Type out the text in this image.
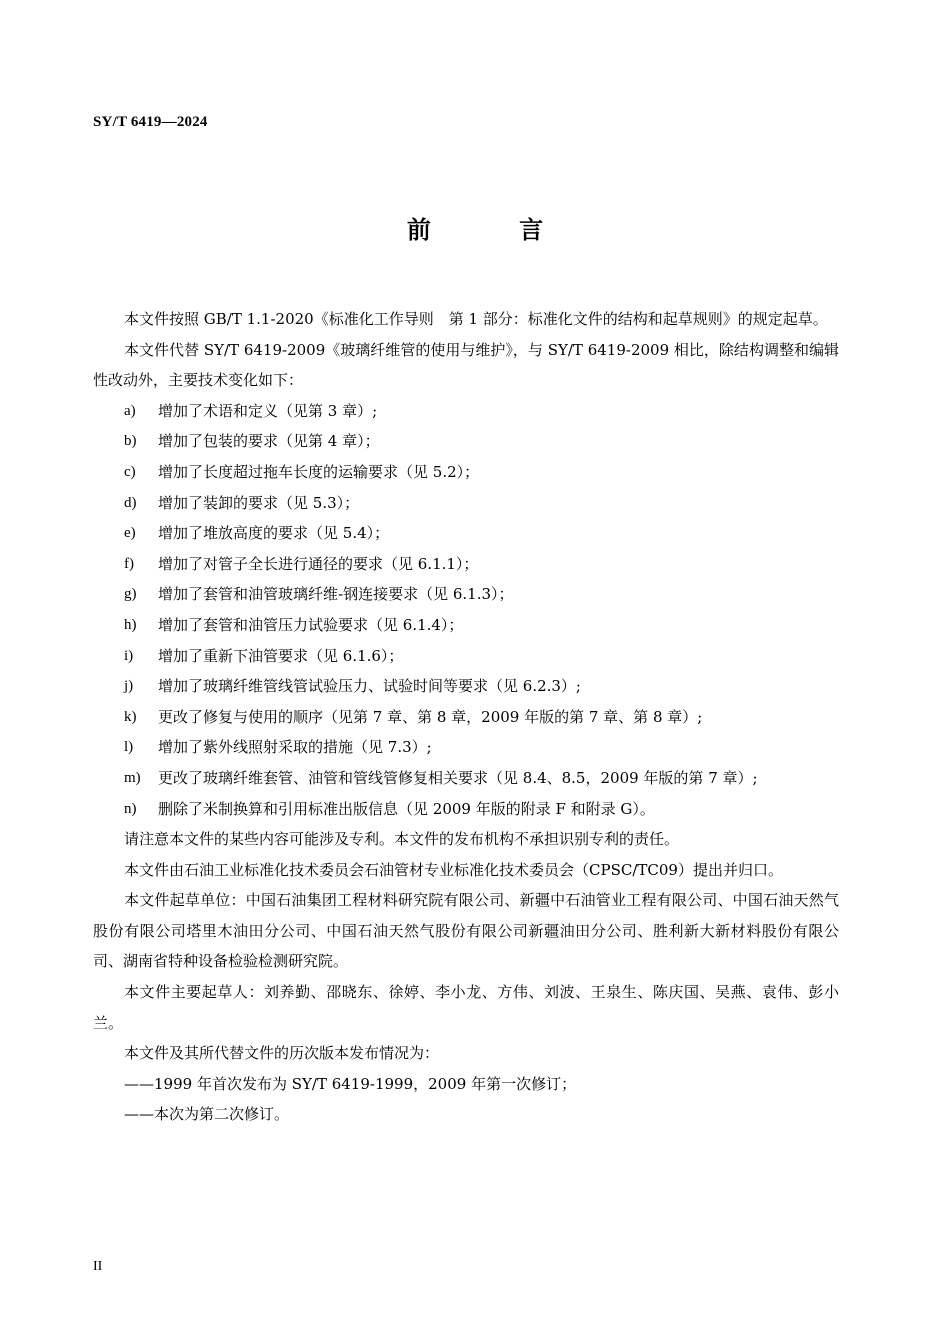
SY/T 6419—2024
前 言

本文件按照 GB/T 1.1-2020《标准化工作导则　第 1 部分：标准化文件的结构和起草规则》的规定起草。

本文件代替 SY/T 6419-2009《玻璃纤维管的使用与维护》，与 SY/T 6419-2009 相比，除结构调整和编辑性改动外，主要技术变化如下：

a)	增加了术语和定义（见第 3 章）;
b)	增加了包装的要求（见第 4 章）；
c)	增加了长度超过拖车长度的运输要求（见 5.2）；
d)	增加了装卸的要求（见 5.3）；
e)	增加了堆放高度的要求（见 5.4）；
f)	增加了对管子全长进行通径的要求（见 6.1.1）；
g)	增加了套管和油管玻璃纤维-钢连接要求（见 6.1.3）；
h)	增加了套管和油管压力试验要求（见 6.1.4）；
i)	增加了重新下油管要求（见 6.1.6）；
j)	增加了玻璃纤维管线管试验压力、试验时间等要求（见 6.2.3）;
k)	更改了修复与使用的顺序（见第 7 章、第 8 章，2009 年版的第 7 章、第 8 章）;
l)	增加了紫外线照射采取的措施（见 7.3）;
m)	更改了玻璃纤维套管、油管和管线管修复相关要求（见 8.4、8.5，2009 年版的第 7 章）;
n)	删除了米制换算和引用标准出版信息（见 2009 年版的附录 F 和附录 G）。

请注意本文件的某些内容可能涉及专利。本文件的发布机构不承担识别专利的责任。

本文件由石油工业标准化技术委员会石油管材专业标准化技术委员会（CPSC/TC09）提出并归口。

本文件起草单位：中国石油集团工程材料研究院有限公司、新疆中石油管业工程有限公司、中国石油天然气股份有限公司塔里木油田分公司、中国石油天然气股份有限公司新疆油田分公司、胜利新大新材料股份有限公司、湖南省特种设备检验检测研究院。

本文件主要起草人：刘养勤、邵晓东、徐婷、李小龙、方伟、刘波、王泉生、陈庆国、吴燕、袁伟、彭小兰。

本文件及其所代替文件的历次版本发布情况为：

——1999 年首次发布为 SY/T 6419-1999，2009 年第一次修订；

——本次为第二次修订。

II
